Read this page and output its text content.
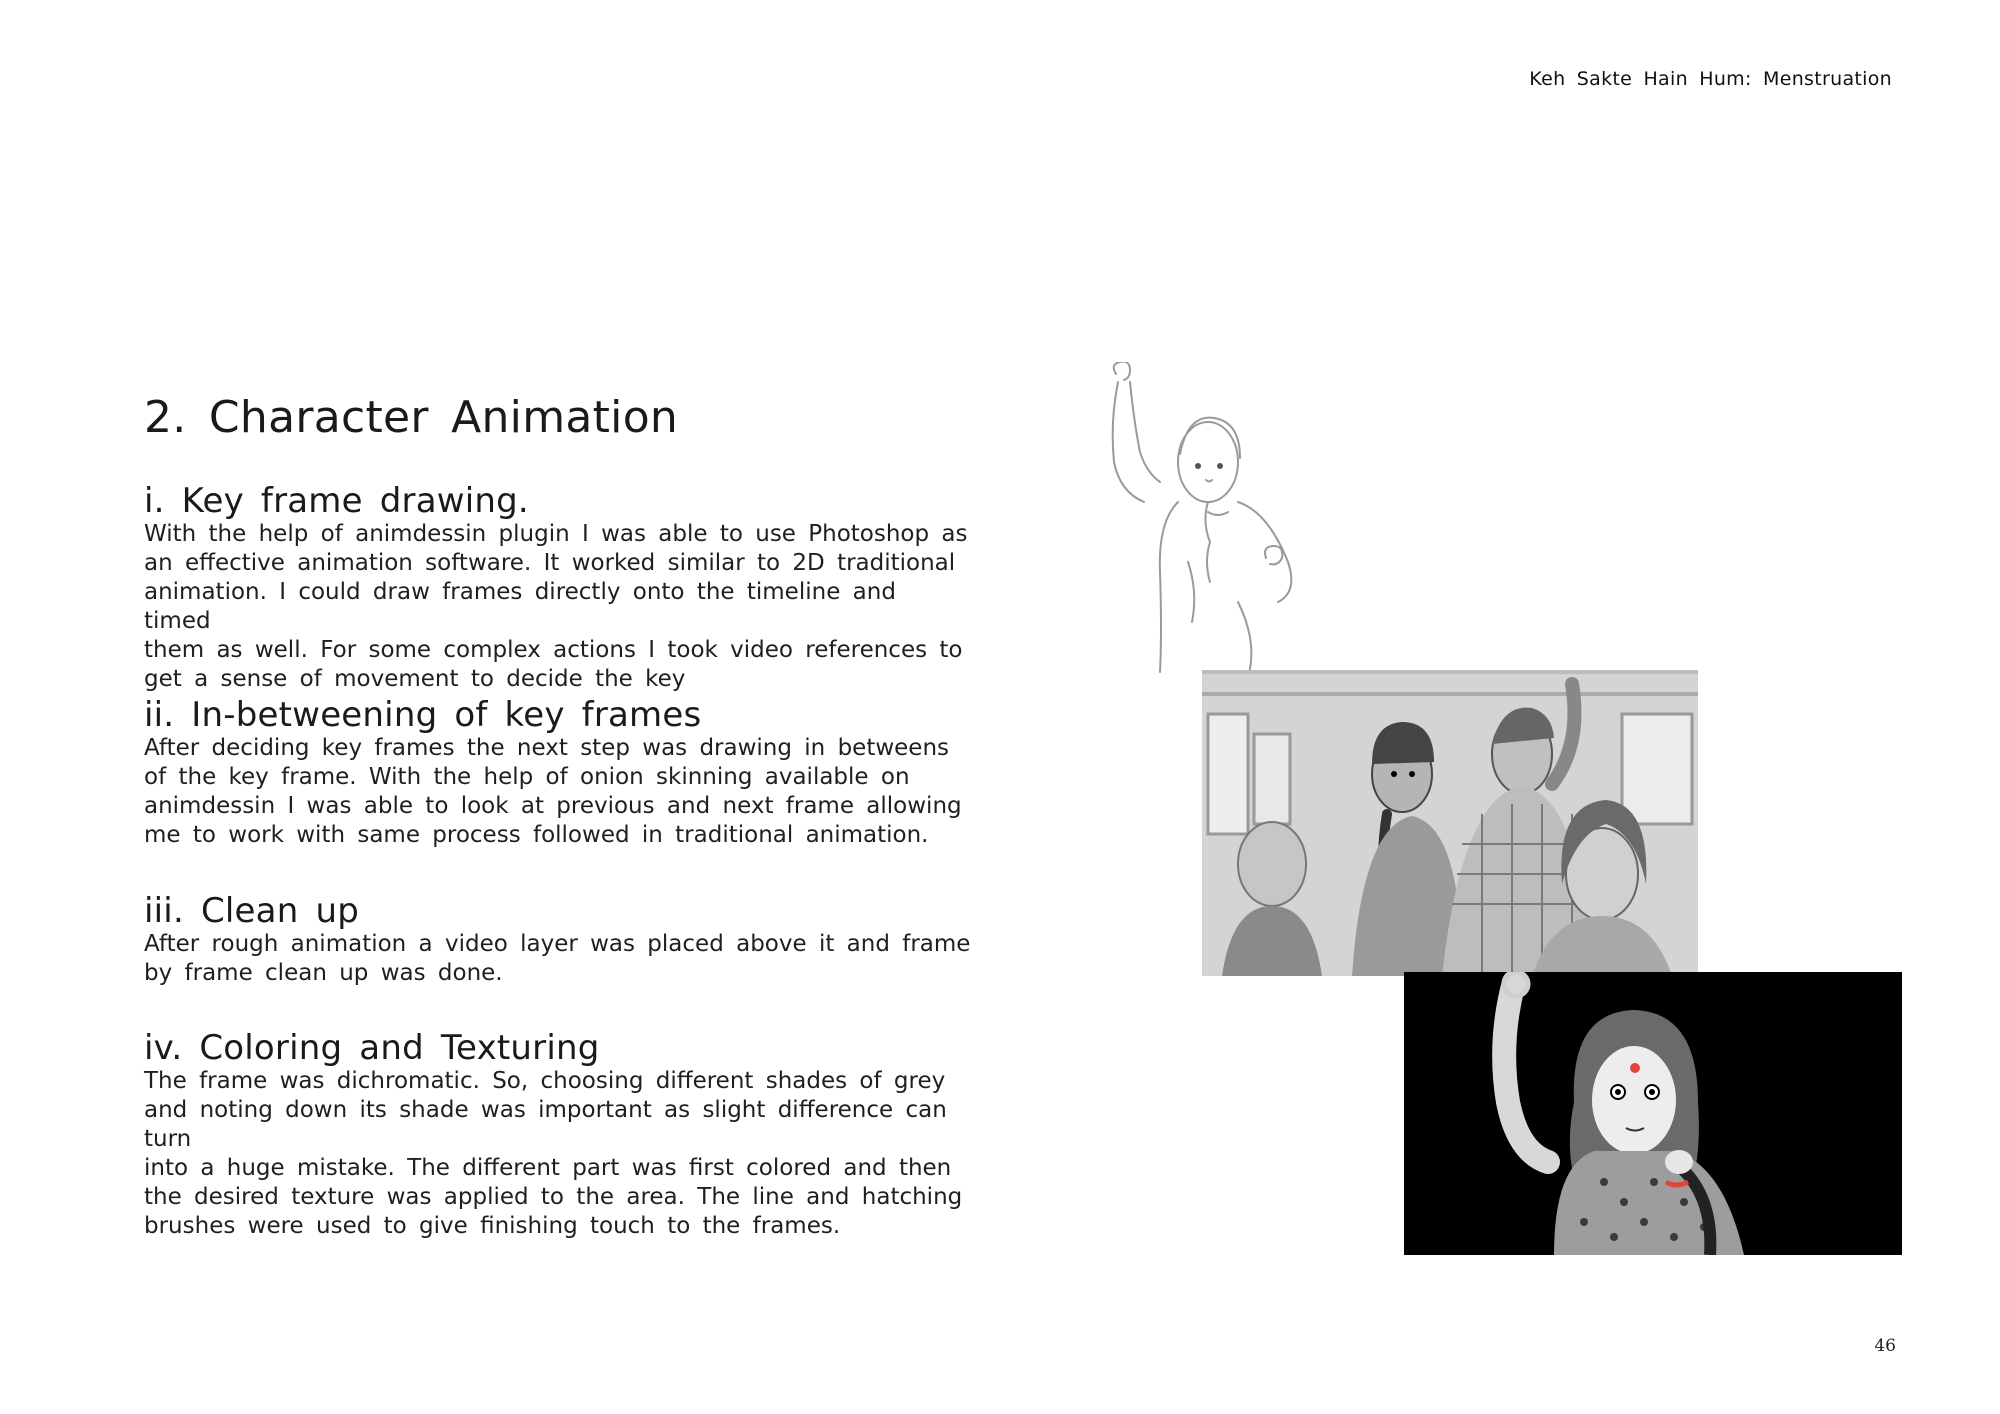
Keh Sakte Hain Hum: Menstruation
2. Character Animation
i. Key frame drawing.

With the help of animdessin plugin I was able to use Photoshop as

an effective animation software. It worked similar to 2D traditional

animation. I could draw frames directly onto the timeline and timed

them as well. For some complex actions I took video references to

get a sense of movement to decide the key

ii. In-betweening of key frames

After deciding key frames the next step was drawing in betweens

of the key frame. With the help of onion skinning available on

animdessin I was able to look at previous and next frame allowing

me to work with same process followed in traditional animation.

iii. Clean up

After rough animation a video layer was placed above it and frame

by frame clean up was done.

iv. Coloring and Texturing

The frame was dichromatic. So, choosing different shades of grey

and noting down its shade was important as slight difference can turn

into a huge mistake. The different part was first colored and then

the desired texture was applied to the area. The line and hatching

brushes were used to give finishing touch to the frames.

46
